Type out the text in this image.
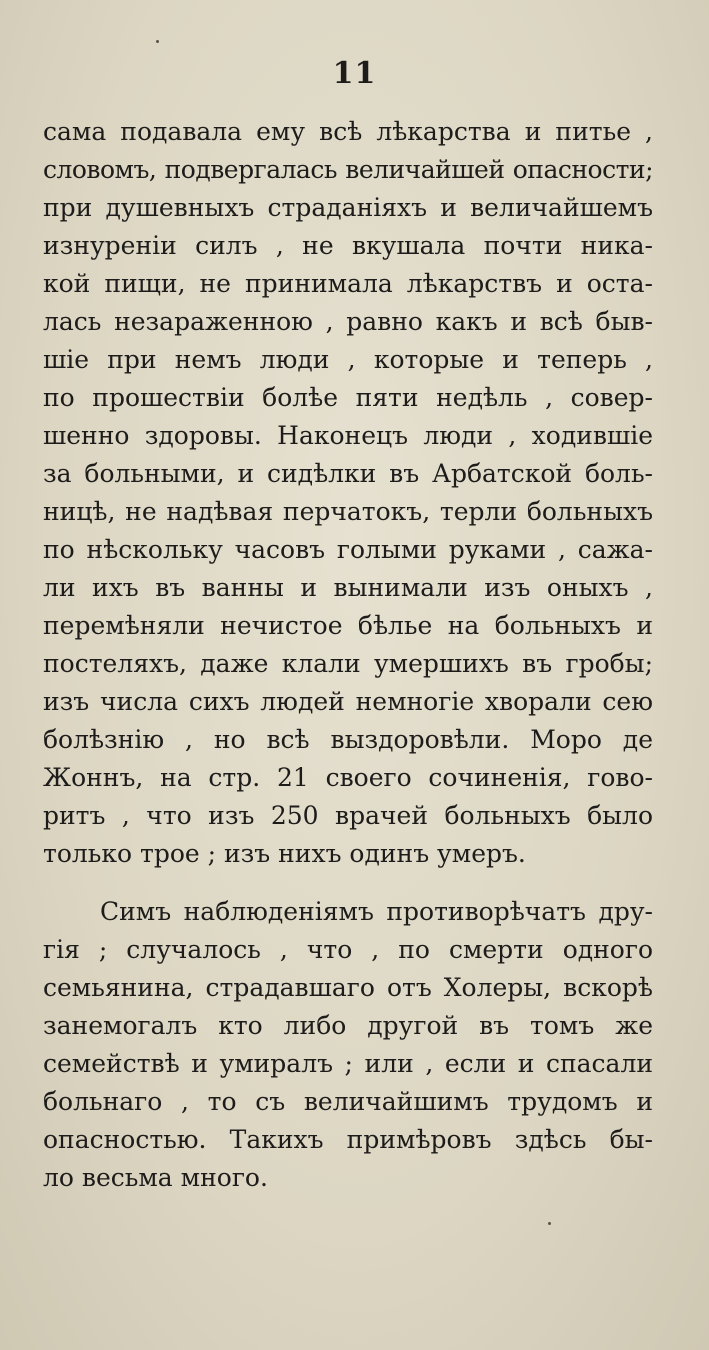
11
сама подавала ему всѣ лѣкарства и питье ,
словомъ, подвергалась величайшей опасности;
при душевныхъ страданіяхъ и величайшемъ
изнуреніи силъ , не вкушала почти ника-
кой пищи, не принимала лѣкарствъ и оста-
лась незараженною , равно какъ и всѣ быв-
шіе при немъ люди , которые и теперь ,
по прошествіи болѣе пяти недѣль , совер-
шенно здоровы. Наконецъ люди , ходившіе
за больными, и сидѣлки въ Арбатской боль-
ницѣ, не надѣвая перчатокъ, терли больныхъ
по нѣскольку часовъ голыми руками , сажа-
ли ихъ въ ванны и вынимали изъ оныхъ ,
перемѣняли нечистое бѣлье на больныхъ и
постеляхъ, даже клали умершихъ въ гробы;
изъ числа сихъ людей немногіе хворали сею
болѣзнію , но всѣ выздоровѣли. Моро де
Жоннъ, на стр. 21 своего сочиненія, гово-
ритъ , что изъ 250 врачей больныхъ было
только трое ; изъ нихъ одинъ умеръ.
Симъ наблюденіямъ противорѣчатъ дру-
гія ; случалось , что , по смерти одного
семьянина, страдавшаго отъ Холеры, вскорѣ
занемогалъ кто либо другой въ томъ же
семействѣ и умиралъ ; или , если и спасали
больнаго , то съ величайшимъ трудомъ и
опасностью. Такихъ примѣровъ здѣсь бы-
ло весьма много.
